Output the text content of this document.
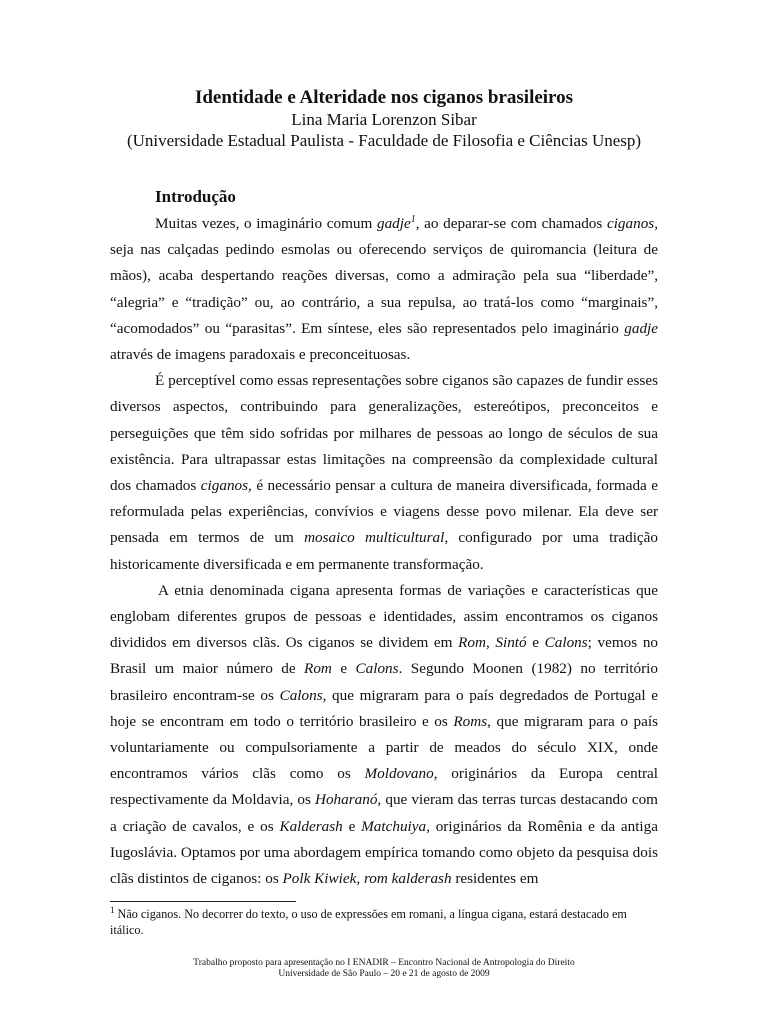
Identidade e Alteridade nos ciganos brasileiros
Lina Maria Lorenzon Sibar
(Universidade Estadual Paulista - Faculdade de Filosofia e Ciências Unesp)
Introdução

Muitas vezes, o imaginário comum gadje$^1$, ao deparar-se com chamados ciganos, seja nas calçadas pedindo esmolas ou oferecendo serviços de quiromancia (leitura de mãos), acaba despertando reações diversas, como a admiração pela sua “liberdade”, “alegria” e “tradição” ou, ao contrário, a sua repulsa, ao tratá-los como “marginais”, “acomodados” ou “parasitas”. Em síntese, eles são representados pelo imaginário gadje através de imagens paradoxais e preconceituosas.

É perceptível como essas representações sobre ciganos são capazes de fundir esses diversos aspectos, contribuindo para generalizações, estereótipos, preconceitos e perseguições que têm sido sofridas por milhares de pessoas ao longo de séculos de sua existência. Para ultrapassar estas limitações na compreensão da complexidade cultural dos chamados ciganos, é necessário pensar a cultura de maneira diversificada, formada e reformulada pelas experiências, convívios e viagens desse povo milenar. Ela deve ser pensada em termos de um mosaico multicultural, configurado por uma tradição historicamente diversificada e em permanente transformação.

A etnia denominada cigana apresenta formas de variações e características que englobam diferentes grupos de pessoas e identidades, assim encontramos os ciganos divididos em diversos clãs. Os ciganos se dividem em Rom, Sintó e Calons; vemos no Brasil um maior número de Rom e Calons. Segundo Moonen (1982) no território brasileiro encontram-se os Calons, que migraram para o país degredados de Portugal e hoje se encontram em todo o território brasileiro e os Roms, que migraram para o país voluntariamente ou compulsoriamente a partir de meados do século XIX, onde encontramos vários clãs como os Moldovano, originários da Europa central respectivamente da Moldavia, os Hoharanó, que vieram das terras turcas destacando com a criação de cavalos, e os Kalderash e Matchuiya, originários da Romênia e da antiga Iugoslávia. Optamos por uma abordagem empírica tomando como objeto da pesquisa dois clãs distintos de ciganos: os Polk Kiwiek, rom kalderash residentes em

$^1$ Não ciganos. No decorrer do texto, o uso de expressões em romani, a língua cigana, estará destacado em itálico.
Trabalho proposto para apresentação no I ENADIR – Encontro Nacional de Antropologia do Direito
Universidade de São Paulo – 20 e 21 de agosto de 2009
